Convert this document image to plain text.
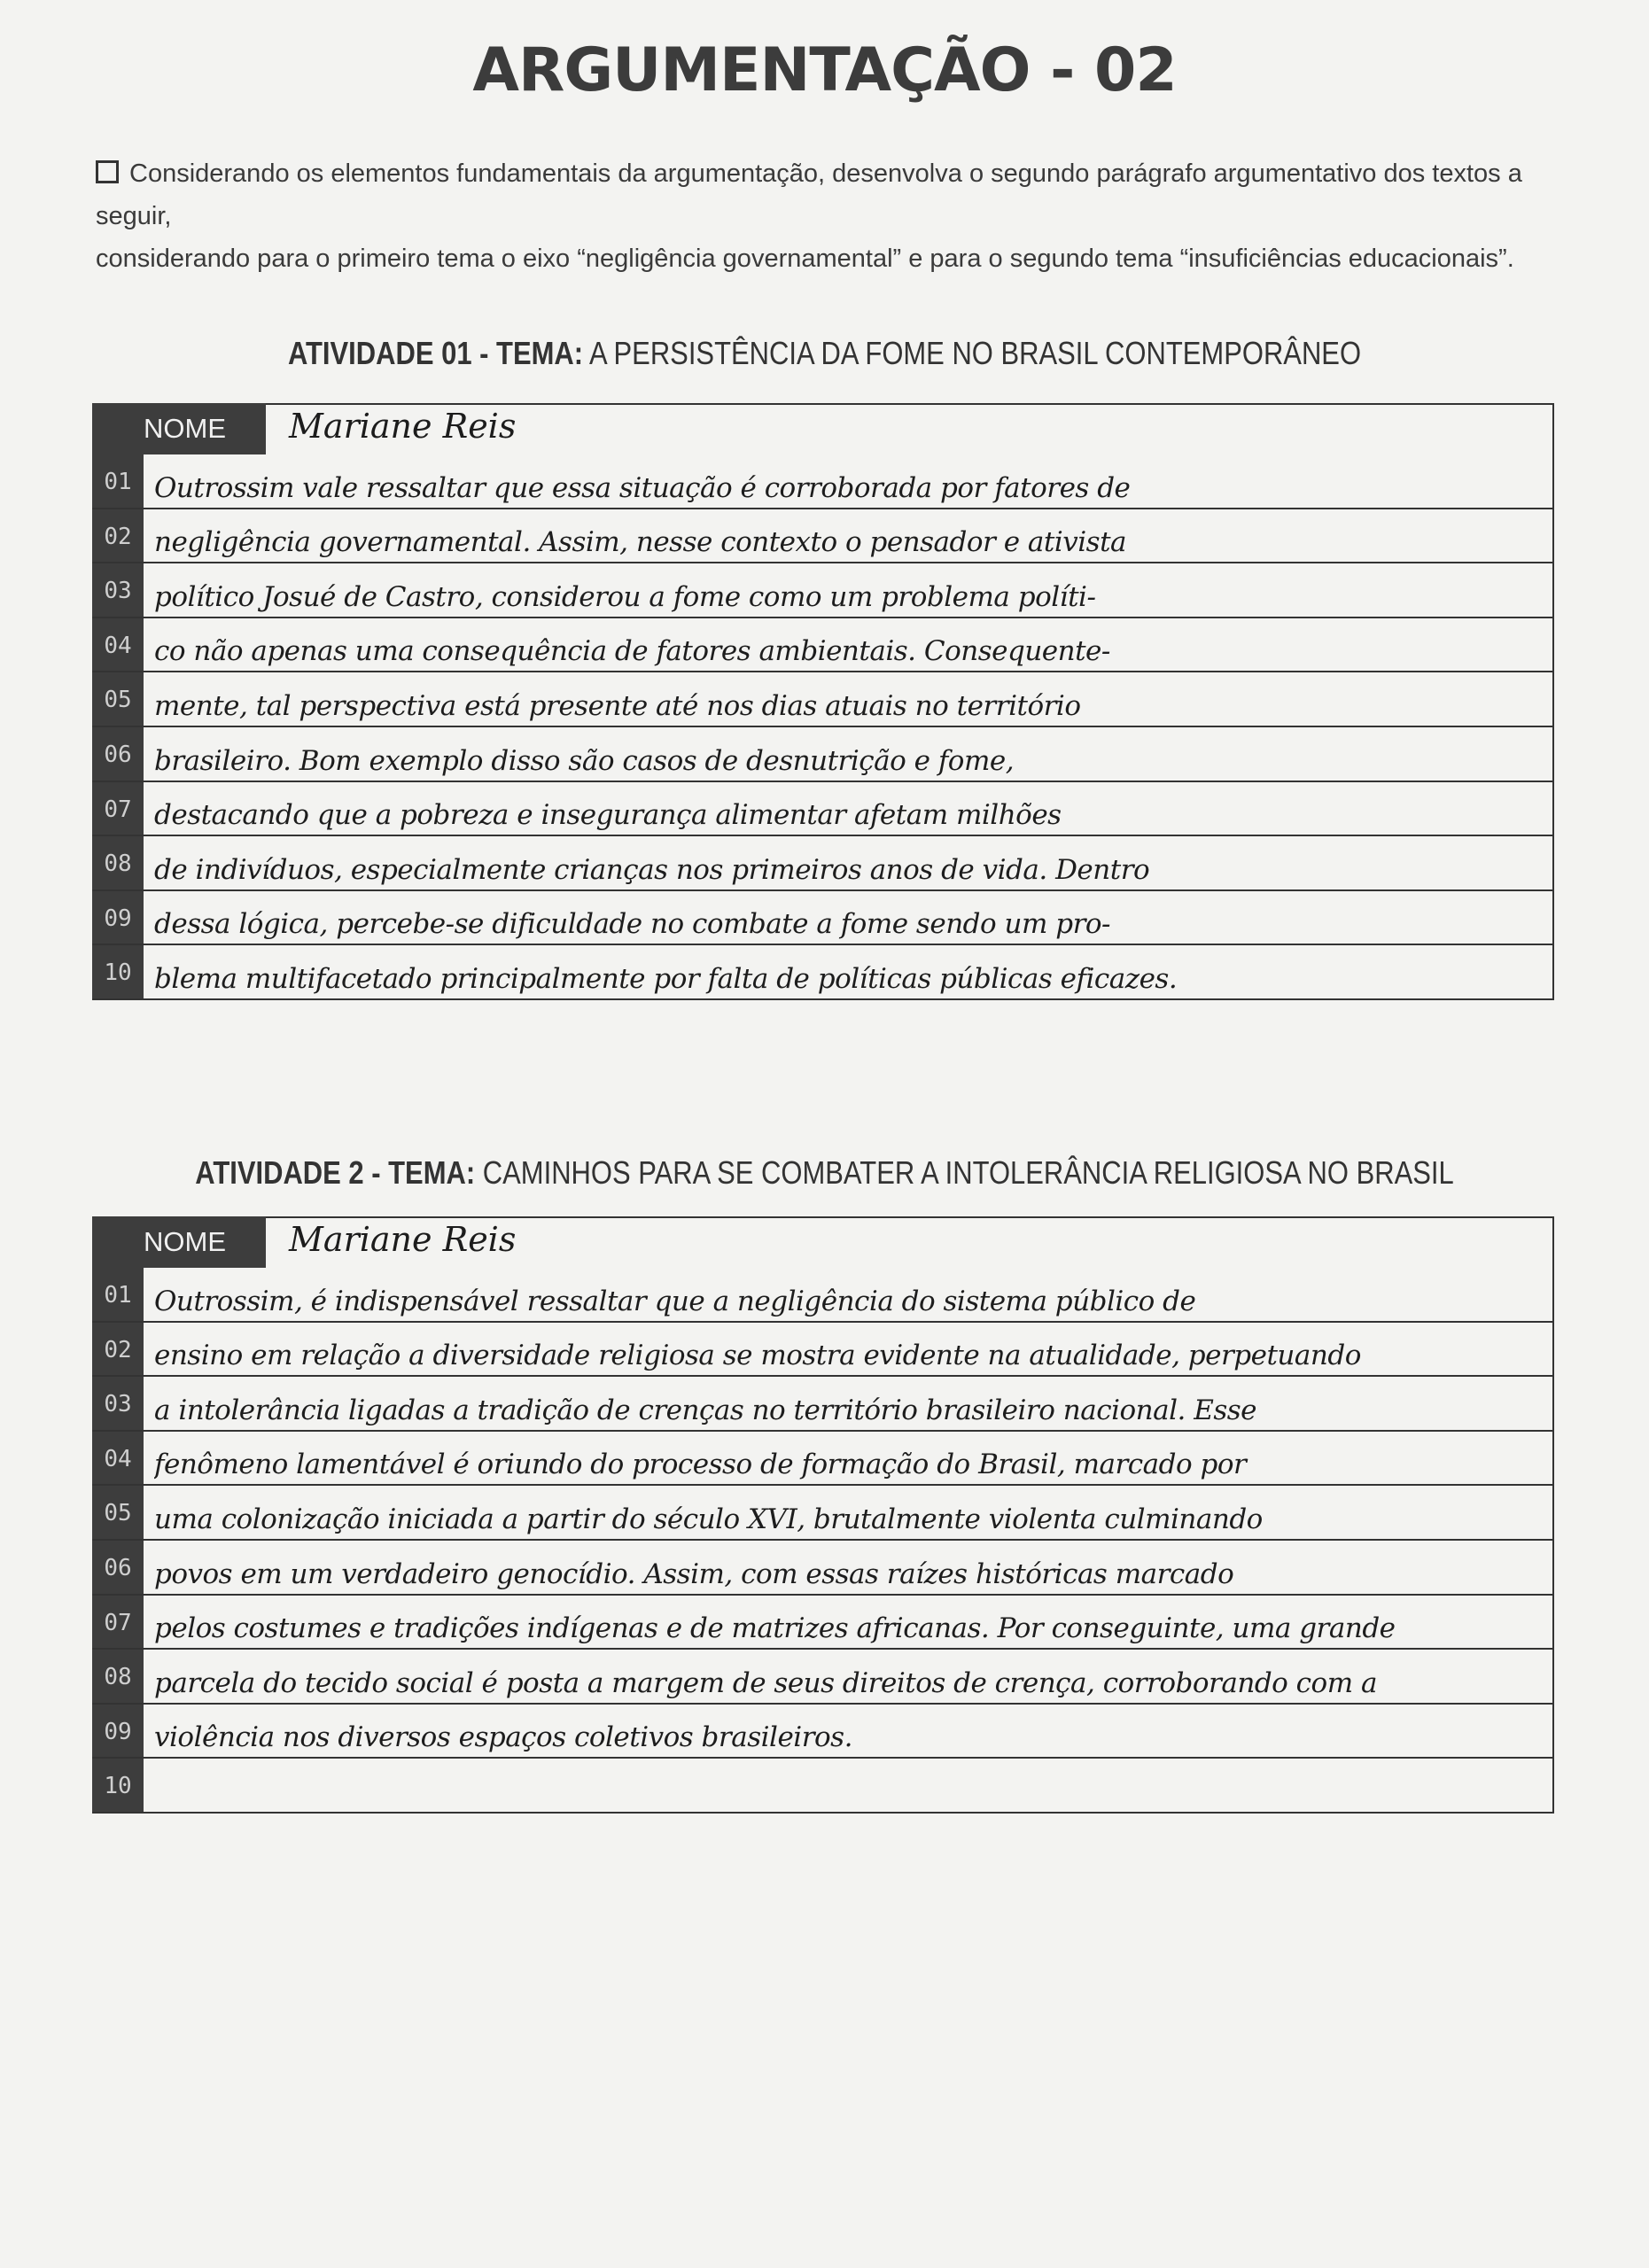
ARGUMENTAÇÃO - 02
Considerando os elementos fundamentais da argumentação, desenvolva o segundo parágrafo argumentativo dos textos a seguir,
considerando para o primeiro tema o eixo “negligência governamental” e para o segundo tema “insuficiências educacionais”.
ATIVIDADE 01 - TEMA: A PERSISTÊNCIA DA FOME NO BRASIL CONTEMPORÂNEO
NOME	Mariane Reis
01 Outrossim vale ressaltar que essa situação é corroborada por fatores de
02 negligência governamental. Assim, nesse contexto o pensador e ativista
03 político Josué de Castro, considerou a fome como um problema políti-
04 co não apenas uma consequência de fatores ambientais. Consequente-
05 mente, tal perspectiva está presente até nos dias atuais no território
06 brasileiro. Bom exemplo disso são casos de desnutrição e fome,
07 destacando que a pobreza e insegurança alimentar afetam milhões
08 de indivíduos, especialmente crianças nos primeiros anos de vida. Dentro
09 dessa lógica, percebe-se dificuldade no combate a fome sendo um pro-
10 blema multifacetado principalmente por falta de políticas públicas eficazes.
ATIVIDADE 2 - TEMA: CAMINHOS PARA SE COMBATER A INTOLERÂNCIA RELIGIOSA NO BRASIL
NOME	Mariane Reis
01 Outrossim, é indispensável ressaltar que a negligência do sistema público de
02 ensino em relação a diversidade religiosa se mostra evidente na atualidade, perpetuando
03 a intolerância ligadas a tradição de crenças no território brasileiro nacional. Esse
04 fenômeno lamentável é oriundo do processo de formação do Brasil, marcado por
05 uma colonização iniciada a partir do século XVI, brutalmente violenta culminando
06 povos em um verdadeiro genocídio. Assim, com essas raízes históricas marcado
07 pelos costumes e tradições indígenas e de matrizes africanas. Por conseguinte, uma grande
08 parcela do tecido social é posta a margem de seus direitos de crença, corroborando com a
09 violência nos diversos espaços coletivos brasileiros.
10
